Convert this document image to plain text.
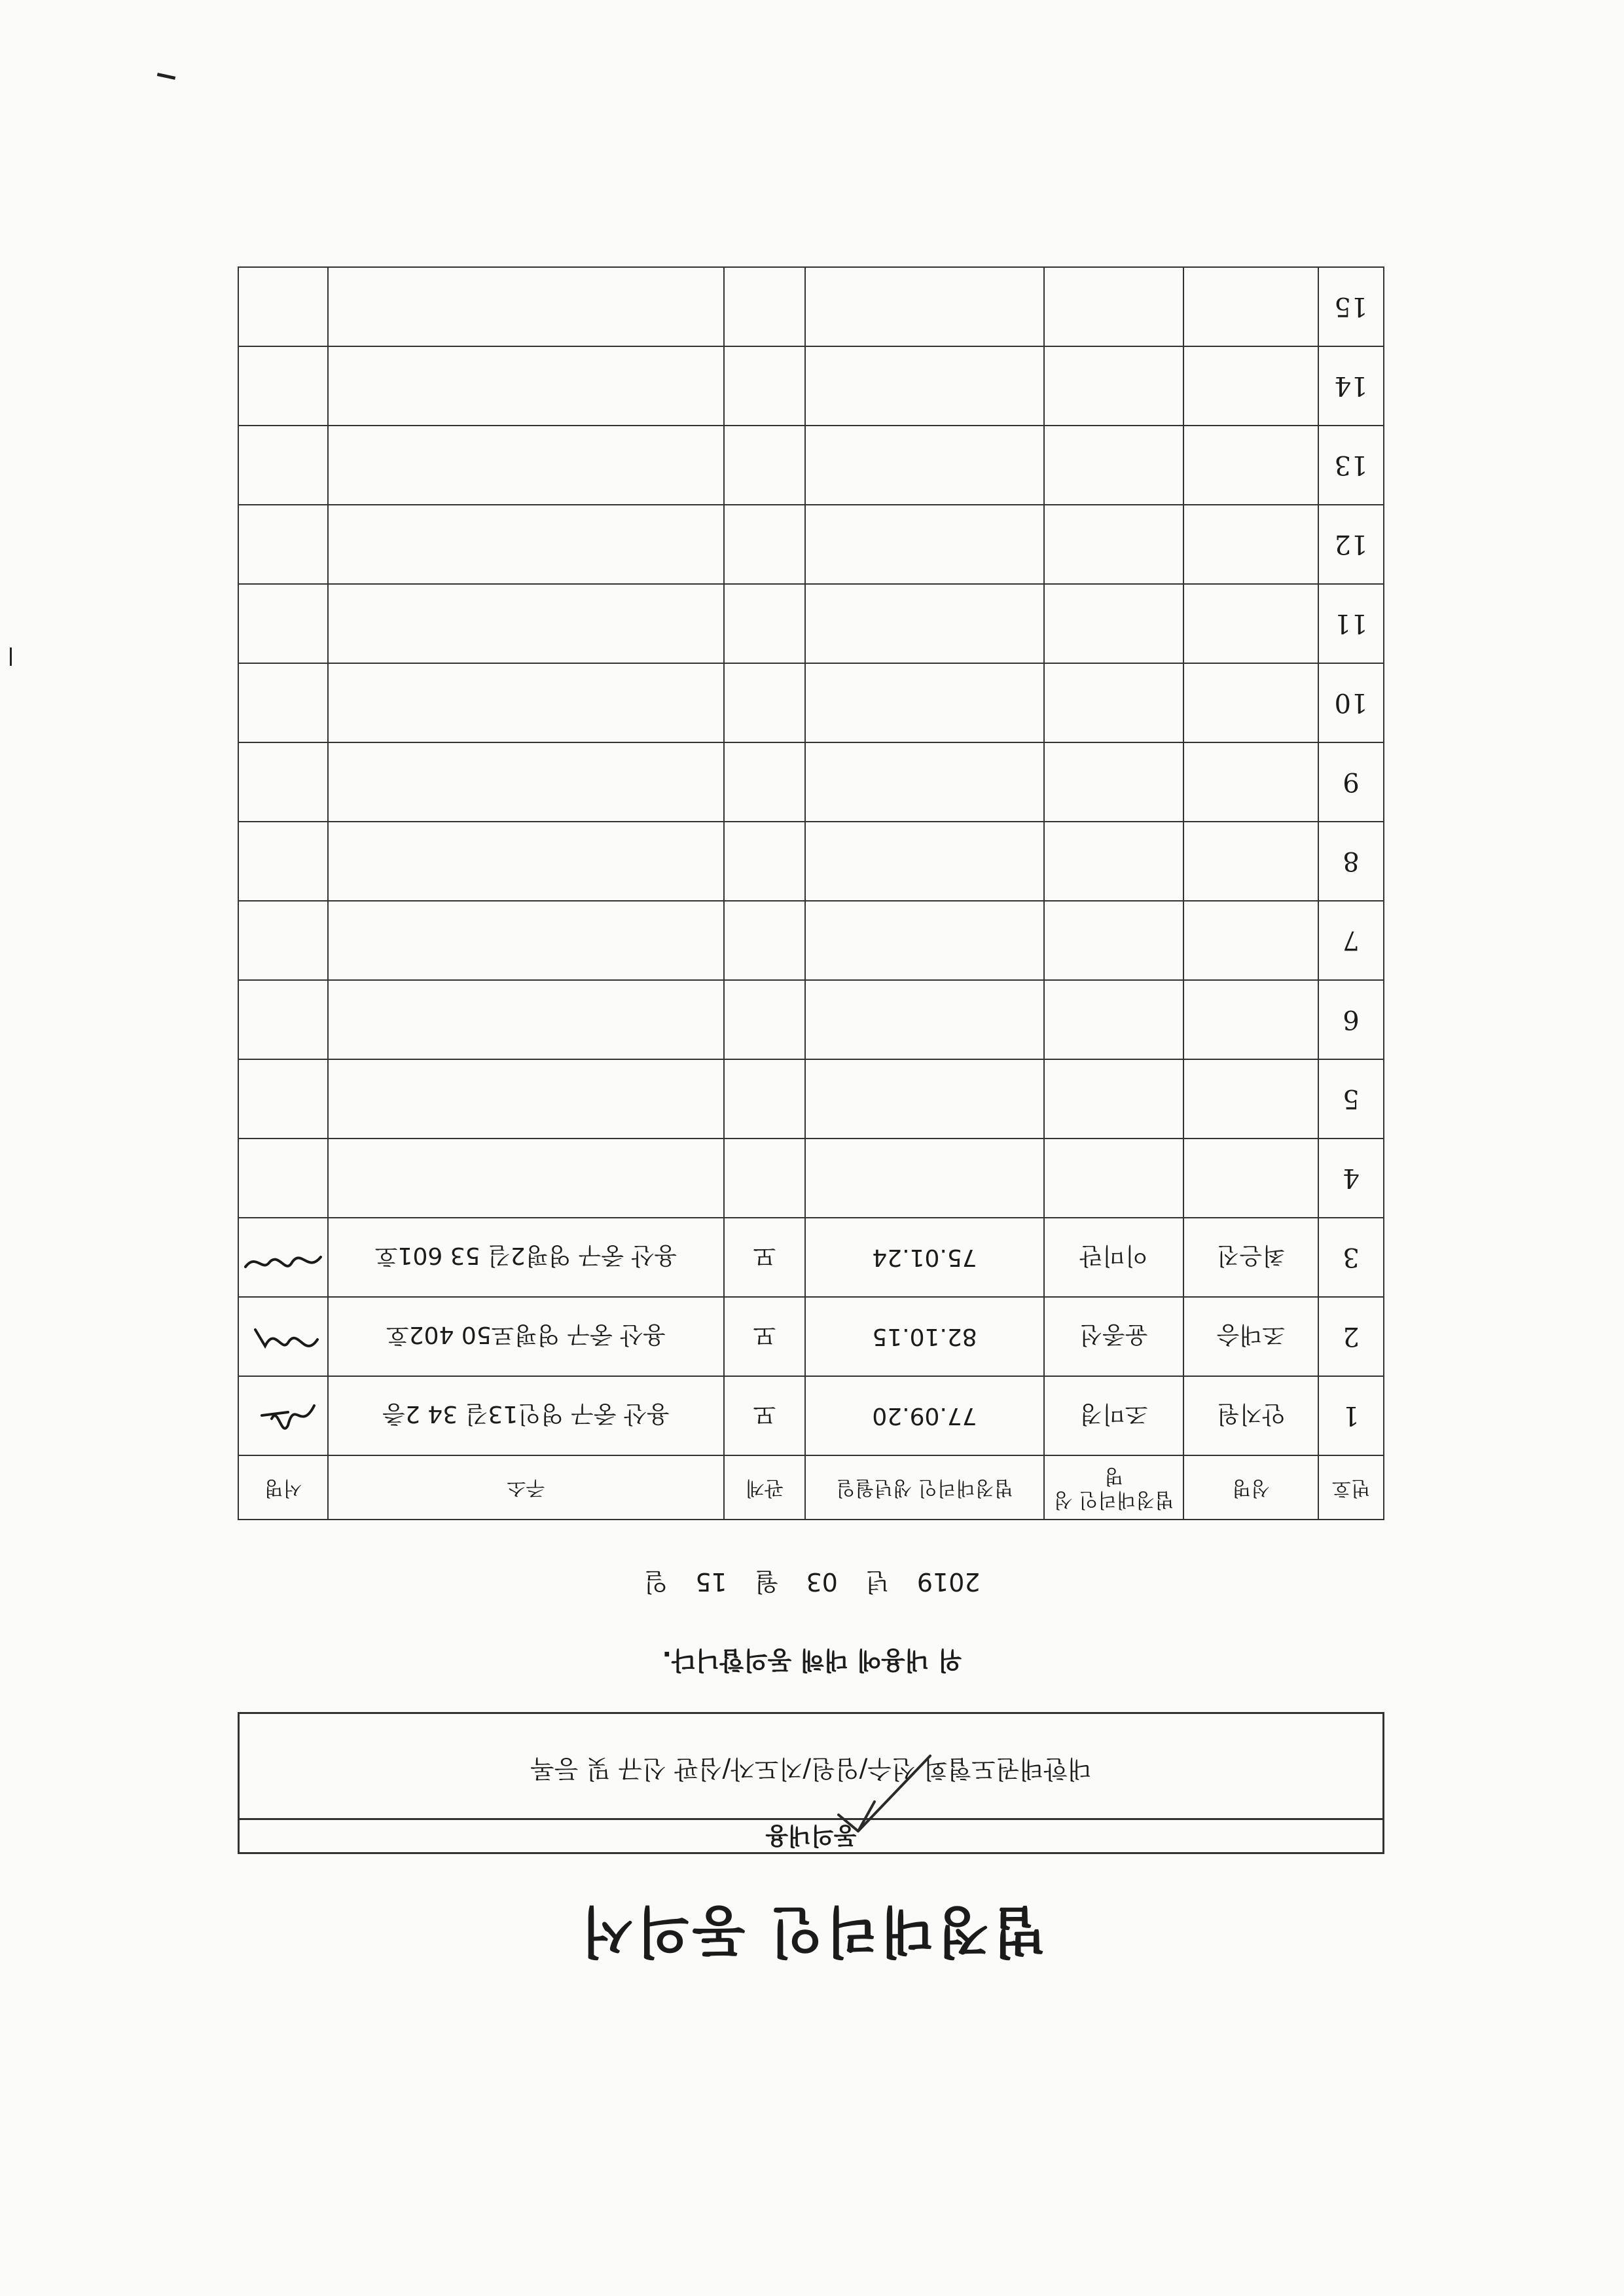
법정대리인 동의서
동의내용
대한태권도협회 선수/임원/지도자/심판 신규 및 등록
위 내용에 대해 동의합니다.
2019 년 03 월 15 일
번호	성명	법정대리인 성명	법정대리인 생년월일	관계	주소	서명
1	안지원	조미경	77.09.20	모	용산 중구 영인13길 34 2층	
2	조대승	윤종선	82.10.15	모	용산 중구 영평로50 402호	
3	최은진	이미란	75.01.24	모	용산 중구 영평2길 53 601호	
4						
5						
6						
7						
8						
9						
10						
11						
12						
13						
14						
15						
